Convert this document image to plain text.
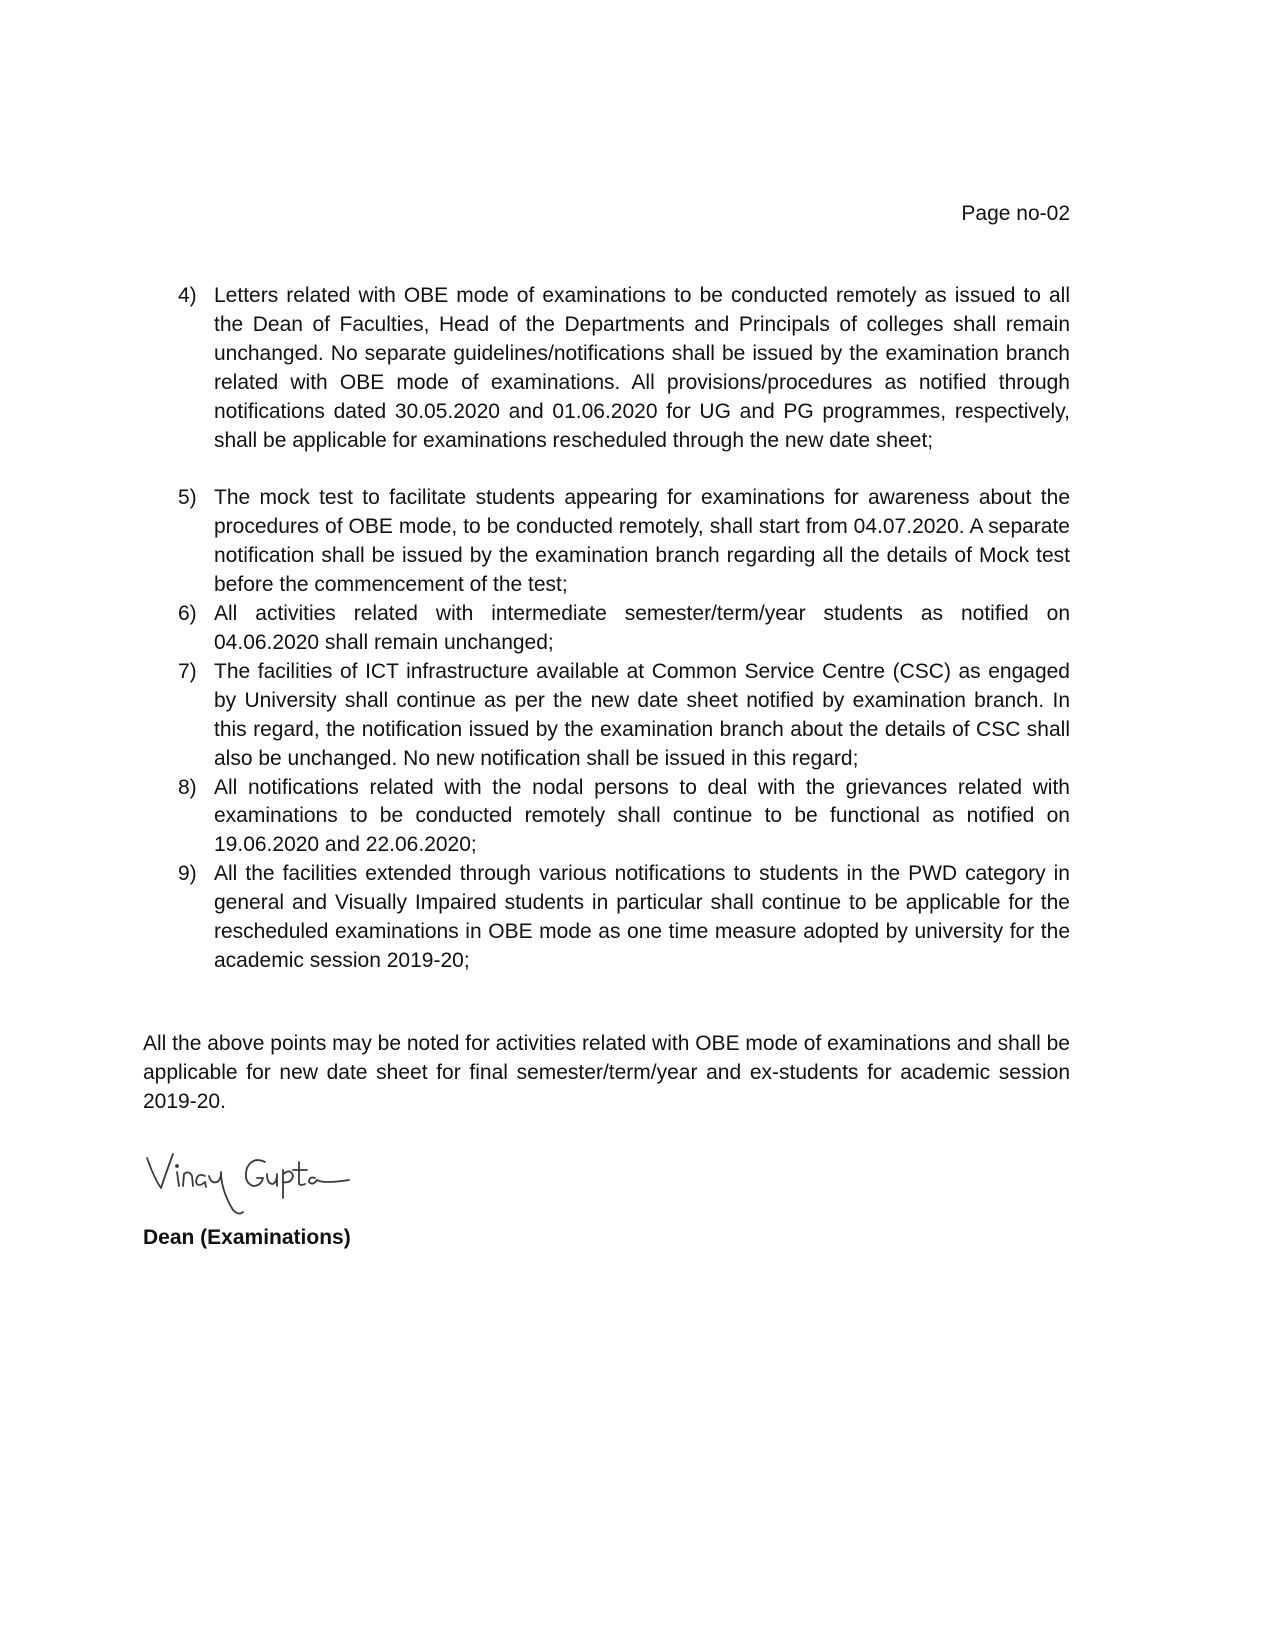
Page no-02
4) Letters related with OBE mode of examinations to be conducted remotely as issued to all the Dean of Faculties, Head of the Departments and Principals of colleges shall remain unchanged. No separate guidelines/notifications shall be issued by the examination branch related with OBE mode of examinations. All provisions/procedures as notified through notifications dated 30.05.2020 and 01.06.2020 for UG and PG programmes, respectively, shall be applicable for examinations rescheduled through the new date sheet;
5) The mock test to facilitate students appearing for examinations for awareness about the procedures of OBE mode, to be conducted remotely, shall start from 04.07.2020. A separate notification shall be issued by the examination branch regarding all the details of Mock test before the commencement of the test;
6) All activities related with intermediate semester/term/year students as notified on 04.06.2020 shall remain unchanged;
7) The facilities of ICT infrastructure available at Common Service Centre (CSC) as engaged by University shall continue as per the new date sheet notified by examination branch. In this regard, the notification issued by the examination branch about the details of CSC shall also be unchanged. No new notification shall be issued in this regard;
8) All notifications related with the nodal persons to deal with the grievances related with examinations to be conducted remotely shall continue to be functional as notified on 19.06.2020 and 22.06.2020;
9) All the facilities extended through various notifications to students in the PWD category in general and Visually Impaired students in particular shall continue to be applicable for the rescheduled examinations in OBE mode as one time measure adopted by university for the academic session 2019-20;
All the above points may be noted for activities related with OBE mode of examinations and shall be applicable for new date sheet for final semester/term/year and ex-students for academic session 2019-20.
Dean (Examinations)
